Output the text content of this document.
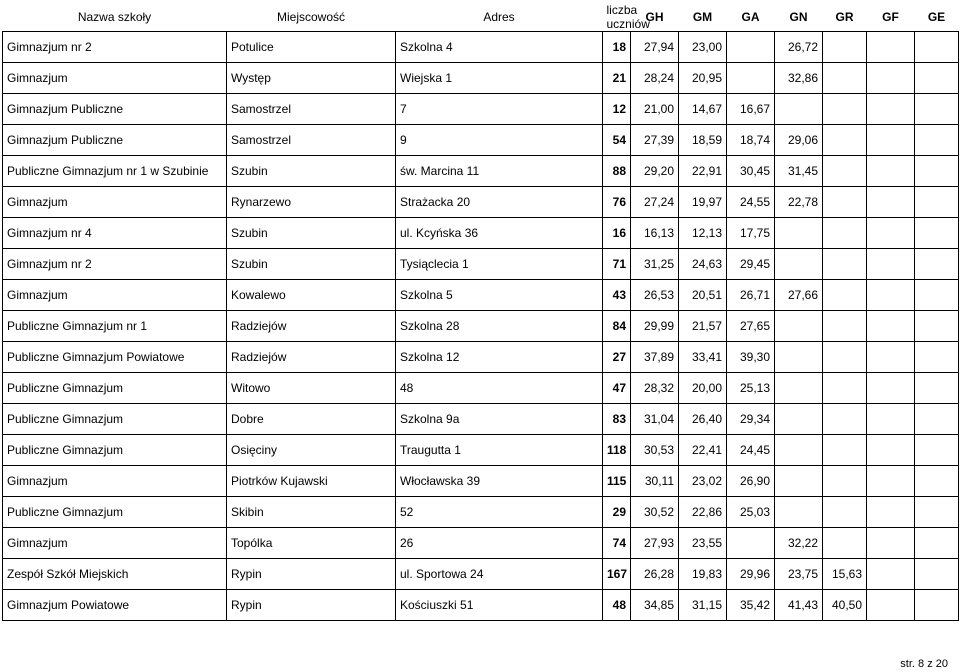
Nazwa szkoły	Miejscowość	Adres	liczba
uczniów	GH	GM	GA	GN	GR	GF	GE
Gimnazjum nr 2	Potulice	Szkolna 4	18	27,94	23,00		26,72			
Gimnazjum	Występ	Wiejska 1	21	28,24	20,95		32,86			
Gimnazjum Publiczne	Samostrzel	7	12	21,00	14,67	16,67				
Gimnazjum Publiczne	Samostrzel	9	54	27,39	18,59	18,74	29,06			
Publiczne Gimnazjum nr 1 w Szubinie	Szubin	św. Marcina 11	88	29,20	22,91	30,45	31,45			
Gimnazjum	Rynarzewo	Strażacka 20	76	27,24	19,97	24,55	22,78			
Gimnazjum nr 4	Szubin	ul. Kcyńska 36	16	16,13	12,13	17,75				
Gimnazjum nr 2	Szubin	Tysiąclecia 1	71	31,25	24,63	29,45				
Gimnazjum	Kowalewo	Szkolna 5	43	26,53	20,51	26,71	27,66			
Publiczne Gimnazjum nr 1	Radziejów	Szkolna 28	84	29,99	21,57	27,65				
Publiczne Gimnazjum Powiatowe	Radziejów	Szkolna 12	27	37,89	33,41	39,30				
Publiczne Gimnazjum	Witowo	48	47	28,32	20,00	25,13				
Publiczne Gimnazjum	Dobre	Szkolna 9a	83	31,04	26,40	29,34				
Publiczne Gimnazjum	Osięciny	Traugutta 1	118	30,53	22,41	24,45				
Gimnazjum	Piotrków Kujawski	Włocławska 39	115	30,11	23,02	26,90				
Publiczne Gimnazjum	Skibin	52	29	30,52	22,86	25,03				
Gimnazjum	Topólka	26	74	27,93	23,55		32,22			
Zespół Szkół Miejskich	Rypin	ul. Sportowa 24	167	26,28	19,83	29,96	23,75	15,63		
Gimnazjum Powiatowe	Rypin	Kościuszki 51	48	34,85	31,15	35,42	41,43	40,50		
str. 8 z 20
